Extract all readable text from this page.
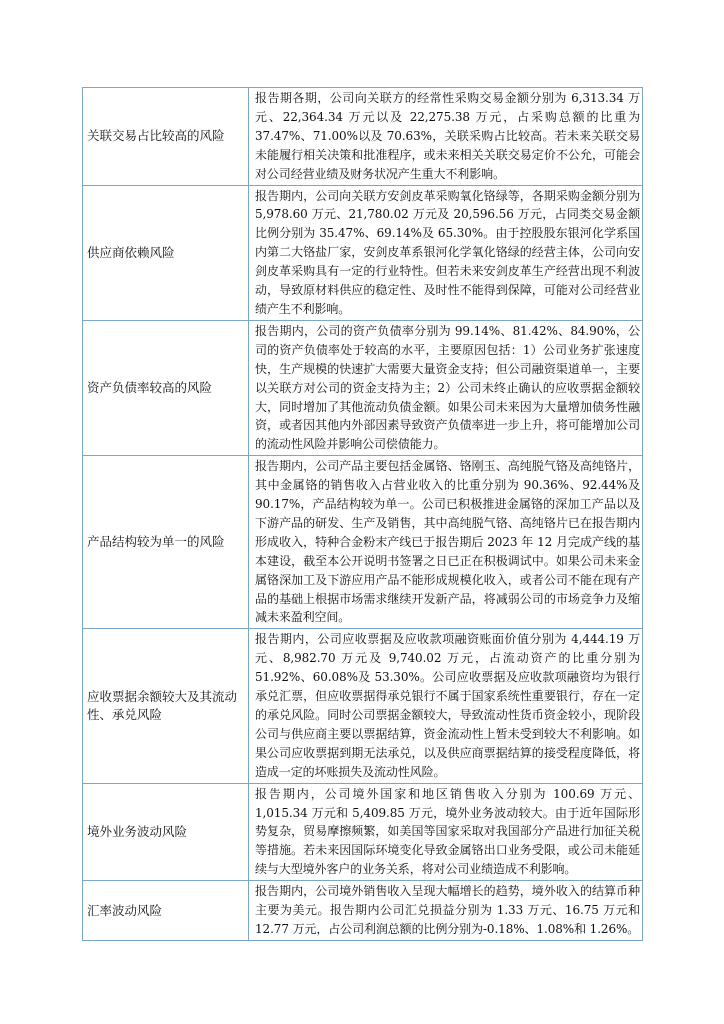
关联交易占比较高的风险	报告期各期，公司向关联方的经常性采购交易金额分别为 6,313.34 万元、22,364.34 万元以及 22,275.38 万元，占采购总额的比重为 37.47%、71.00%以及 70.63%，关联采购占比较高。若未来关联交易未能履行相关决策和批准程序，或未来相关关联交易定价不公允，可能会对公司经营业绩及财务状况产生重大不利影响。
供应商依赖风险	报告期内，公司向关联方安剑皮革采购氧化铬绿等，各期采购金额分别为 5,978.60 万元、21,780.02 万元及 20,596.56 万元，占同类交易金额比例分别为 35.47%、69.14%及 65.30%。由于控股股东银河化学系国内第二大铬盐厂家，安剑皮革系银河化学氧化铬绿的经营主体，公司向安剑皮革采购具有一定的行业特性。但若未来安剑皮革生产经营出现不利波动，导致原材料供应的稳定性、及时性不能得到保障，可能对公司经营业绩产生不利影响。
资产负债率较高的风险	报告期内，公司的资产负债率分别为 99.14%、81.42%、84.90%，公司的资产负债率处于较高的水平，主要原因包括：1）公司业务扩张速度快，生产规模的快速扩大需要大量资金支持；但公司融资渠道单一，主要以关联方对公司的资金支持为主；2）公司未终止确认的应收票据金额较大，同时增加了其他流动负债金额。如果公司未来因为大量增加债务性融资，或者因其他内外部因素导致资产负债率进一步上升，将可能增加公司的流动性风险并影响公司偿债能力。
产品结构较为单一的风险	报告期内，公司产品主要包括金属铬、铬刚玉、高纯脱气铬及高纯铬片，其中金属铬的销售收入占营业收入的比重分别为 90.36%、92.44%及 90.17%，产品结构较为单一。公司已积极推进金属铬的深加工产品以及下游产品的研发、生产及销售，其中高纯脱气铬、高纯铬片已在报告期内形成收入，特种合金粉末产线已于报告期后 2023 年 12 月完成产线的基本建设，截至本公开说明书签署之日已正在积极调试中。如果公司未来金属铬深加工及下游应用产品不能形成规模化收入，或者公司不能在现有产品的基础上根据市场需求继续开发新产品，将减弱公司的市场竞争力及缩减未来盈利空间。
应收票据余额较大及其流动性、承兑风险	报告期内，公司应收票据及应收款项融资账面价值分别为 4,444.19 万元、8,982.70 万元及 9,740.02 万元，占流动资产的比重分别为 51.92%、60.08%及 53.30%。公司应收票据及应收款项融资均为银行承兑汇票，但应收票据得承兑银行不属于国家系统性重要银行，存在一定的承兑风险。同时公司票据金额较大，导致流动性货币资金较小，现阶段公司与供应商主要以票据结算，资金流动性上暂未受到较大不利影响。如果公司应收票据到期无法承兑，以及供应商票据结算的接受程度降低，将造成一定的坏账损失及流动性风险。
境外业务波动风险	报告期内，公司境外国家和地区销售收入分别为 100.69 万元、1,015.34 万元和 5,409.85 万元，境外业务波动较大。由于近年国际形势复杂，贸易摩擦频繁，如美国等国家采取对我国部分产品进行加征关税等措施。若未来因国际环境变化导致金属铬出口业务受限，或公司未能延续与大型境外客户的业务关系，将对公司业绩造成不利影响。
汇率波动风险	报告期内，公司境外销售收入呈现大幅增长的趋势，境外收入的结算币种主要为美元。报告期内公司汇兑损益分别为 1.33 万元、16.75 万元和 12.77 万元，占公司利润总额的比例分别为-0.18%、1.08%和 1.26%。
